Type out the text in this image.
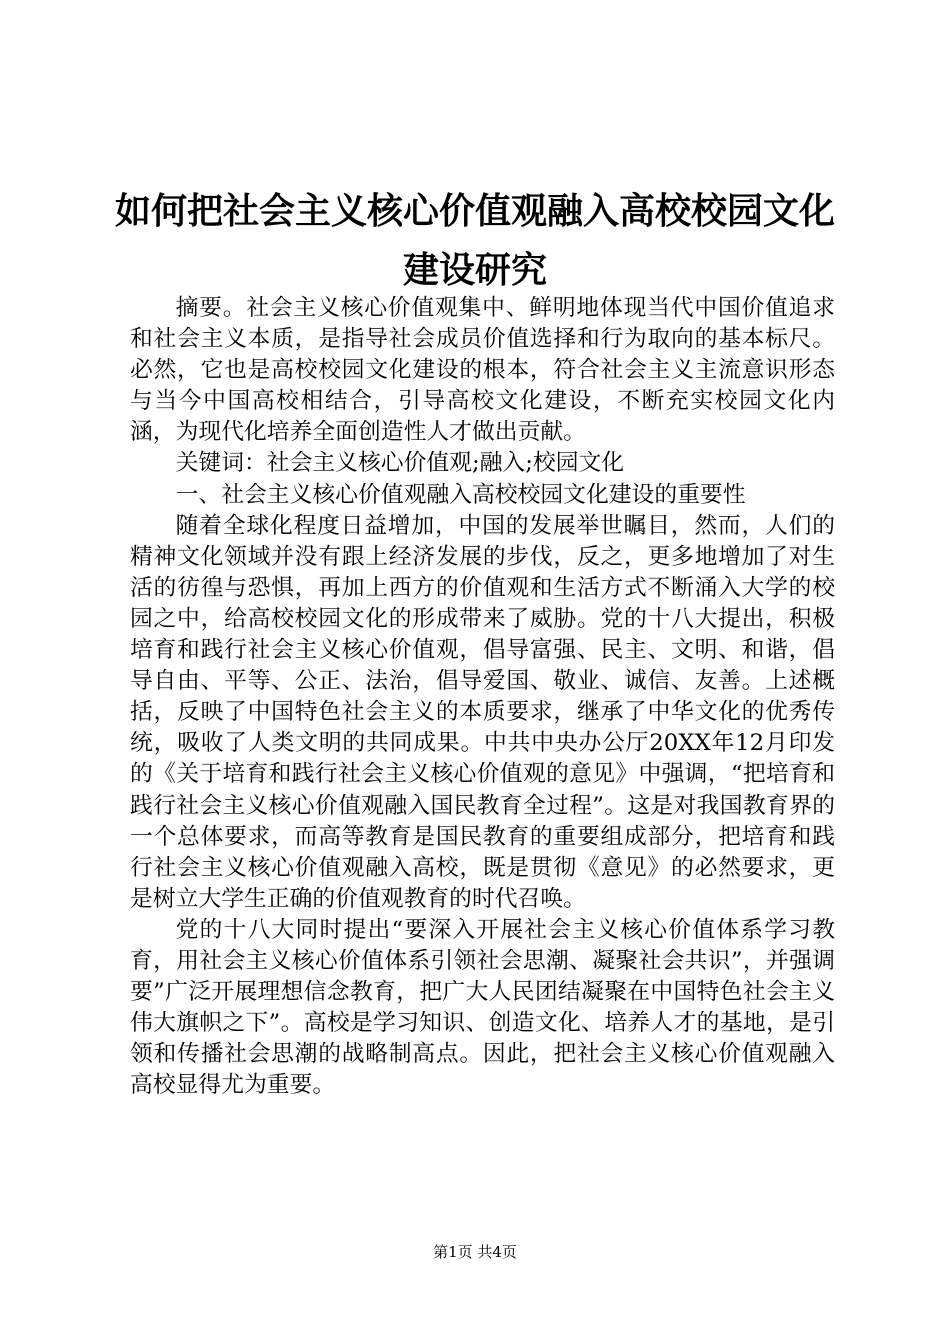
如何把社会主义核心价值观融入高校校园文化
建设研究

摘要。社会主义核心价值观集中、鲜明地体现当代中国价值追求和社会主义本质，是指导社会成员价值选择和行为取向的基本标尺。必然，它也是高校校园文化建设的根本，符合社会主义主流意识形态与当今中国高校相结合，引导高校文化建设，不断充实校园文化内涵，为现代化培养全面创造性人才做出贡献。

关键词：社会主义核心价值观;融入;校园文化

一、社会主义核心价值观融入高校校园文化建设的重要性

随着全球化程度日益增加，中国的发展举世瞩目，然而，人们的精神文化领域并没有跟上经济发展的步伐，反之，更多地增加了对生活的彷徨与恐惧，再加上西方的价值观和生活方式不断涌入大学的校园之中，给高校校园文化的形成带来了威胁。党的十八大提出，积极培育和践行社会主义核心价值观，倡导富强、民主、文明、和谐，倡导自由、平等、公正、法治，倡导爱国、敬业、诚信、友善。上述概括，反映了中国特色社会主义的本质要求，继承了中华文化的优秀传统，吸收了人类文明的共同成果。中共中央办公厅20XX年12月印发的《关于培育和践行社会主义核心价值观的意见》中强调，“把培育和践行社会主义核心价值观融入国民教育全过程”。这是对我国教育界的一个总体要求，而高等教育是国民教育的重要组成部分，把培育和践行社会主义核心价值观融入高校，既是贯彻《意见》的必然要求，更是树立大学生正确的价值观教育的时代召唤。

党的十八大同时提出“要深入开展社会主义核心价值体系学习教育，用社会主义核心价值体系引领社会思潮、凝聚社会共识”，并强调要”广泛开展理想信念教育，把广大人民团结凝聚在中国特色社会主义伟大旗帜之下”。高校是学习知识、创造文化、培养人才的基地，是引领和传播社会思潮的战略制高点。因此，把社会主义核心价值观融入高校显得尤为重要。

第1页 共4页
